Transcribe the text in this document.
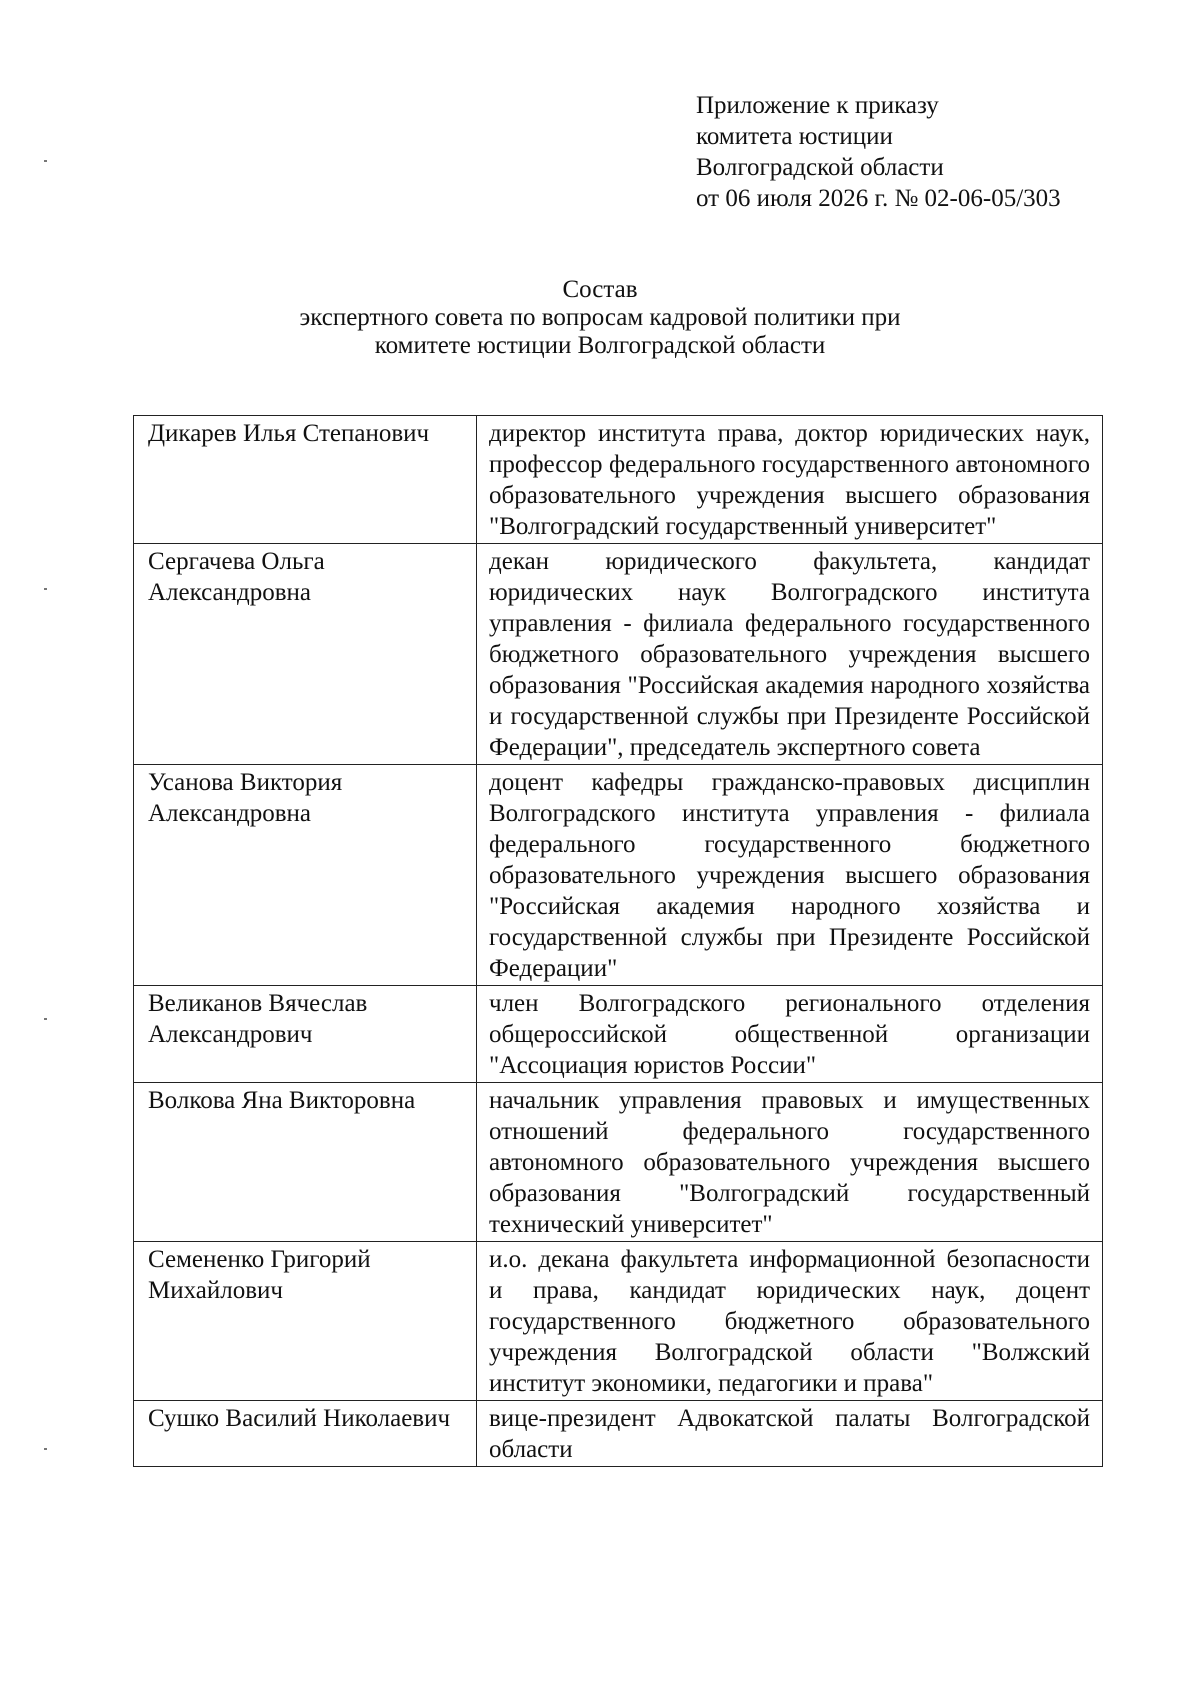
Приложение к приказу
комитета юстиции
Волгоградской области
от 06 июля 2026 г. № 02-06-05/303
Состав
экспертного совета по вопросам кадровой политики при
комитете юстиции Волгоградской области
Дикарев Илья Степанович	директор института права, доктор юридических наук, профессор федерального государственного автономного образовательного учреждения высшего образования "Волгоградский государственный университет"
Сергачева Ольга Александровна	декан юридического факультета, кандидат юридических наук Волгоградского института управления - филиала федерального государственного бюджетного образовательного учреждения высшего образования "Российская академия народного хозяйства и государственной службы при Президенте Российской Федерации", председатель экспертного совета
Усанова Виктория Александровна	доцент кафедры гражданско-правовых дисциплин Волгоградского института управления - филиала федерального государственного бюджетного образовательного учреждения высшего образования "Российская академия народного хозяйства и государственной службы при Президенте Российской Федерации"
Великанов Вячеслав Александрович	член Волгоградского регионального отделения общероссийской общественной организации "Ассоциация юристов России"
Волкова Яна Викторовна	начальник управления правовых и имущественных отношений федерального государственного автономного образовательного учреждения высшего образования "Волгоградский государственный технический университет"
Семененко Григорий Михайлович	и.о. декана факультета информационной безопасности и права, кандидат юридических наук, доцент государственного бюджетного образовательного учреждения Волгоградской области "Волжский институт экономики, педагогики и права"
Сушко Василий Николаевич	вице-президент Адвокатской палаты Волгоградской области
